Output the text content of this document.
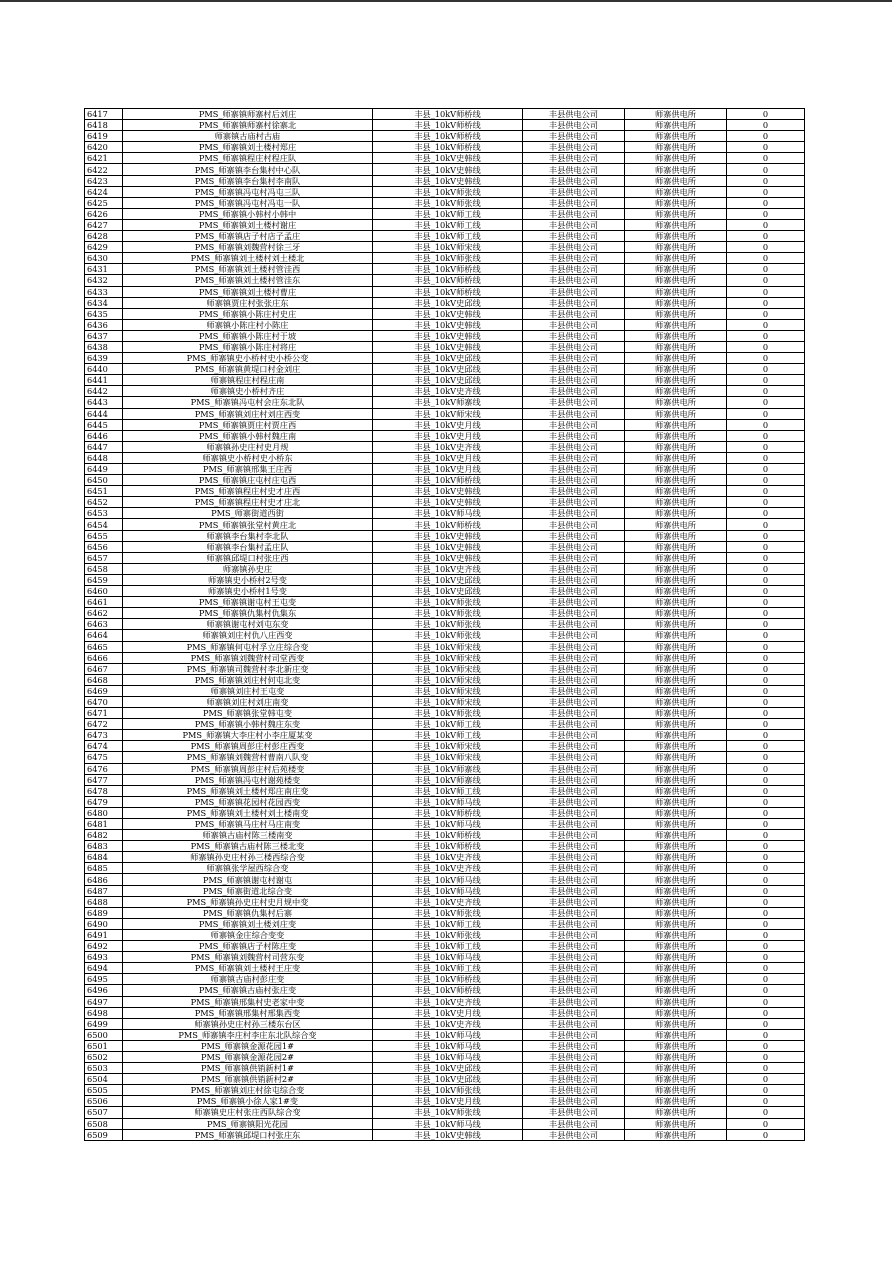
6417	PMS_师寨镇师寨村后刘庄	丰县_10kV师桥线	丰县供电公司	师寨供电所	0
6418	PMS_师寨镇师寨村徐寨北	丰县_10kV师桥线	丰县供电公司	师寨供电所	0
6419	师寨镇古庙村古庙	丰县_10kV师桥线	丰县供电公司	师寨供电所	0
6420	PMS_师寨镇刘土楼村郑庄	丰县_10kV师桥线	丰县供电公司	师寨供电所	0
6421	PMS_师寨镇程庄村程庄队	丰县_10kV史韩线	丰县供电公司	师寨供电所	0
6422	PMS_师寨镇李台集村中心队	丰县_10kV史韩线	丰县供电公司	师寨供电所	0
6423	PMS_师寨镇李台集村李南队	丰县_10kV史韩线	丰县供电公司	师寨供电所	0
6424	PMS_师寨镇冯屯村冯屯三队	丰县_10kV师张线	丰县供电公司	师寨供电所	0
6425	PMS_师寨镇冯屯村冯屯一队	丰县_10kV师张线	丰县供电公司	师寨供电所	0
6426	PMS_师寨镇小韩村小韩中	丰县_10kV师工线	丰县供电公司	师寨供电所	0
6427	PMS_师寨镇刘土楼村谢庄	丰县_10kV师工线	丰县供电公司	师寨供电所	0
6428	PMS_师寨镇店子村店子孟庄	丰县_10kV师工线	丰县供电公司	师寨供电所	0
6429	PMS_师寨镇刘魏营村徐三牙	丰县_10kV师宋线	丰县供电公司	师寨供电所	0
6430	PMS_师寨镇刘土楼村刘土楼北	丰县_10kV师张线	丰县供电公司	师寨供电所	0
6431	PMS_师寨镇刘土楼村管洼西	丰县_10kV师桥线	丰县供电公司	师寨供电所	0
6432	PMS_师寨镇刘土楼村管洼东	丰县_10kV师桥线	丰县供电公司	师寨供电所	0
6433	PMS_师寨镇刘土楼村曹庄	丰县_10kV师桥线	丰县供电公司	师寨供电所	0
6434	师寨镇贾庄村张张庄东	丰县_10kV史邱线	丰县供电公司	师寨供电所	0
6435	PMS_师寨镇小陈庄村史庄	丰县_10kV史韩线	丰县供电公司	师寨供电所	0
6436	师寨镇小陈庄村小陈庄	丰县_10kV史韩线	丰县供电公司	师寨供电所	0
6437	PMS_师寨镇小陈庄村于坡	丰县_10kV史韩线	丰县供电公司	师寨供电所	0
6438	PMS_师寨镇小陈庄村将庄	丰县_10kV史韩线	丰县供电公司	师寨供电所	0
6439	PMS_师寨镇史小桥村史小桥公变	丰县_10kV史邱线	丰县供电公司	师寨供电所	0
6440	PMS_师寨镇黄堤口村金刘庄	丰县_10kV史邱线	丰县供电公司	师寨供电所	0
6441	师寨镇程庄村程庄南	丰县_10kV史邱线	丰县供电公司	师寨供电所	0
6442	师寨镇史小桥村齐庄	丰县_10kV史齐线	丰县供电公司	师寨供电所	0
6443	PMS_师寨镇冯屯村会庄东北队	丰县_10kV师寨线	丰县供电公司	师寨供电所	0
6444	PMS_师寨镇刘庄村刘庄西变	丰县_10kV师宋线	丰县供电公司	师寨供电所	0
6445	PMS_师寨镇贾庄村贾庄西	丰县_10kV史月线	丰县供电公司	师寨供电所	0
6446	PMS_师寨镇小韩村魏庄南	丰县_10kV史月线	丰县供电公司	师寨供电所	0
6447	师寨镇孙史庄村史月规	丰县_10kV史齐线	丰县供电公司	师寨供电所	0
6448	师寨镇史小桥村史小桥东	丰县_10kV史月线	丰县供电公司	师寨供电所	0
6449	PMS_师寨镇邢集王庄西	丰县_10kV史月线	丰县供电公司	师寨供电所	0
6450	PMS_师寨镇庄屯村庄屯西	丰县_10kV师桥线	丰县供电公司	师寨供电所	0
6451	PMS_师寨镇程庄村史才庄西	丰县_10kV史韩线	丰县供电公司	师寨供电所	0
6452	PMS_师寨镇程庄村史才庄北	丰县_10kV史韩线	丰县供电公司	师寨供电所	0
6453	PMS_师寨街道西街	丰县_10kV师马线	丰县供电公司	师寨供电所	0
6454	PMS_师寨镇张堂村黄庄北	丰县_10kV师桥线	丰县供电公司	师寨供电所	0
6455	师寨镇李台集村李北队	丰县_10kV史韩线	丰县供电公司	师寨供电所	0
6456	师寨镇李台集村孟庄队	丰县_10kV史韩线	丰县供电公司	师寨供电所	0
6457	师寨镇邱堤口村张庄西	丰县_10kV史韩线	丰县供电公司	师寨供电所	0
6458	师寨镇孙史庄	丰县_10kV史齐线	丰县供电公司	师寨供电所	0
6459	师寨镇史小桥村2号变	丰县_10kV史邱线	丰县供电公司	师寨供电所	0
6460	师寨镇史小桥村1号变	丰县_10kV史邱线	丰县供电公司	师寨供电所	0
6461	PMS_师寨镇谢屯村王屯变	丰县_10kV师张线	丰县供电公司	师寨供电所	0
6462	PMS_师寨镇仇集村仇集东	丰县_10kV师张线	丰县供电公司	师寨供电所	0
6463	师寨镇谢屯村刘屯东变	丰县_10kV师张线	丰县供电公司	师寨供电所	0
6464	师寨镇刘庄村仇八庄西变	丰县_10kV师张线	丰县供电公司	师寨供电所	0
6465	PMS_师寨镇何屯村孚立庄综合变	丰县_10kV师宋线	丰县供电公司	师寨供电所	0
6466	PMS_师寨镇刘魏营村司堂西变	丰县_10kV师宋线	丰县供电公司	师寨供电所	0
6467	PMS_师寨镇司魏营村李北新庄变	丰县_10kV师宋线	丰县供电公司	师寨供电所	0
6468	PMS_师寨镇刘庄村何屯北变	丰县_10kV师宋线	丰县供电公司	师寨供电所	0
6469	师寨镇刘庄村王屯变	丰县_10kV师宋线	丰县供电公司	师寨供电所	0
6470	师寨镇刘庄村刘庄南变	丰县_10kV师宋线	丰县供电公司	师寨供电所	0
6471	PMS_师寨镇张堂韩屯变	丰县_10kV师张线	丰县供电公司	师寨供电所	0
6472	PMS_师寨镇小韩村魏庄东变	丰县_10kV师工线	丰县供电公司	师寨供电所	0
6473	PMS_师寨镇大李庄村小李庄厦某变	丰县_10kV师工线	丰县供电公司	师寨供电所	0
6474	PMS_师寨镇周彭庄村彭庄西变	丰县_10kV师宋线	丰县供电公司	师寨供电所	0
6475	PMS_师寨镇刘魏营村曹南八队变	丰县_10kV师宋线	丰县供电公司	师寨供电所	0
6476	PMS_师寨镇周彭庄村后苑楼变	丰县_10kV师寨线	丰县供电公司	师寨供电所	0
6477	PMS_师寨镇冯屯村谢苑楼变	丰县_10kV师寨线	丰县供电公司	师寨供电所	0
6478	PMS_师寨镇刘土楼村郑庄南庄变	丰县_10kV师工线	丰县供电公司	师寨供电所	0
6479	PMS_师寨镇花园村花园西变	丰县_10kV师马线	丰县供电公司	师寨供电所	0
6480	PMS_师寨镇刘土楼村刘土楼南变	丰县_10kV师桥线	丰县供电公司	师寨供电所	0
6481	PMS_师寨镇马庄村马庄南变	丰县_10kV师马线	丰县供电公司	师寨供电所	0
6482	师寨镇古庙村陈三楼南变	丰县_10kV师桥线	丰县供电公司	师寨供电所	0
6483	PMS_师寨镇古庙村陈三楼北变	丰县_10kV师桥线	丰县供电公司	师寨供电所	0
6484	师寨镇孙史庄村孙三楼西综合变	丰县_10kV史齐线	丰县供电公司	师寨供电所	0
6485	师寨镇张学屋西综合变	丰县_10kV史齐线	丰县供电公司	师寨供电所	0
6486	PMS_师寨镇谢屯村谢屯	丰县_10kV师马线	丰县供电公司	师寨供电所	0
6487	PMS_师寨街道北综合变	丰县_10kV师马线	丰县供电公司	师寨供电所	0
6488	PMS_师寨镇孙史庄村史月规中变	丰县_10kV史齐线	丰县供电公司	师寨供电所	0
6489	PMS_师寨镇仇集村后寨	丰县_10kV师张线	丰县供电公司	师寨供电所	0
6490	PMS_师寨镇刘土楼刘庄变	丰县_10kV师工线	丰县供电公司	师寨供电所	0
6491	师寨镇金庄综合变变	丰县_10kV师张线	丰县供电公司	师寨供电所	0
6492	PMS_师寨镇店子村陈庄变	丰县_10kV师工线	丰县供电公司	师寨供电所	0
6493	PMS_师寨镇刘魏营村司营东变	丰县_10kV师马线	丰县供电公司	师寨供电所	0
6494	PMS_师寨镇刘土楼村王庄变	丰县_10kV师工线	丰县供电公司	师寨供电所	0
6495	师寨镇古庙村彭庄变	丰县_10kV师桥线	丰县供电公司	师寨供电所	0
6496	PMS_师寨镇古庙村张庄变	丰县_10kV师桥线	丰县供电公司	师寨供电所	0
6497	PMS_师寨镇邢集村史老家中变	丰县_10kV史齐线	丰县供电公司	师寨供电所	0
6498	PMS_师寨镇邢集村邢集西变	丰县_10kV史月线	丰县供电公司	师寨供电所	0
6499	师寨镇孙史庄村孙三楼东台区	丰县_10kV史齐线	丰县供电公司	师寨供电所	0
6500	PMS_师寨镇李庄村李庄东北队综合变	丰县_10kV师马线	丰县供电公司	师寨供电所	0
6501	PMS_师寨镇金源花园1#	丰县_10kV师马线	丰县供电公司	师寨供电所	0
6502	PMS_师寨镇金源花园2#	丰县_10kV师马线	丰县供电公司	师寨供电所	0
6503	PMS_师寨镇供销新村1#	丰县_10kV史邱线	丰县供电公司	师寨供电所	0
6504	PMS_师寨镇供销新村2#	丰县_10kV史邱线	丰县供电公司	师寨供电所	0
6505	PMS_师寨镇刘庄村徐屯综合变	丰县_10kV师张线	丰县供电公司	师寨供电所	0
6506	PMS_师寨镇小徐人家1#变	丰县_10kV史月线	丰县供电公司	师寨供电所	0
6507	师寨镇史庄村张庄西队综合变	丰县_10kV师张线	丰县供电公司	师寨供电所	0
6508	PMS_师寨镇阳光花园	丰县_10kV师马线	丰县供电公司	师寨供电所	0
6509	PMS_师寨镇邱堤口村张庄东	丰县_10kV史韩线	丰县供电公司	师寨供电所	0
